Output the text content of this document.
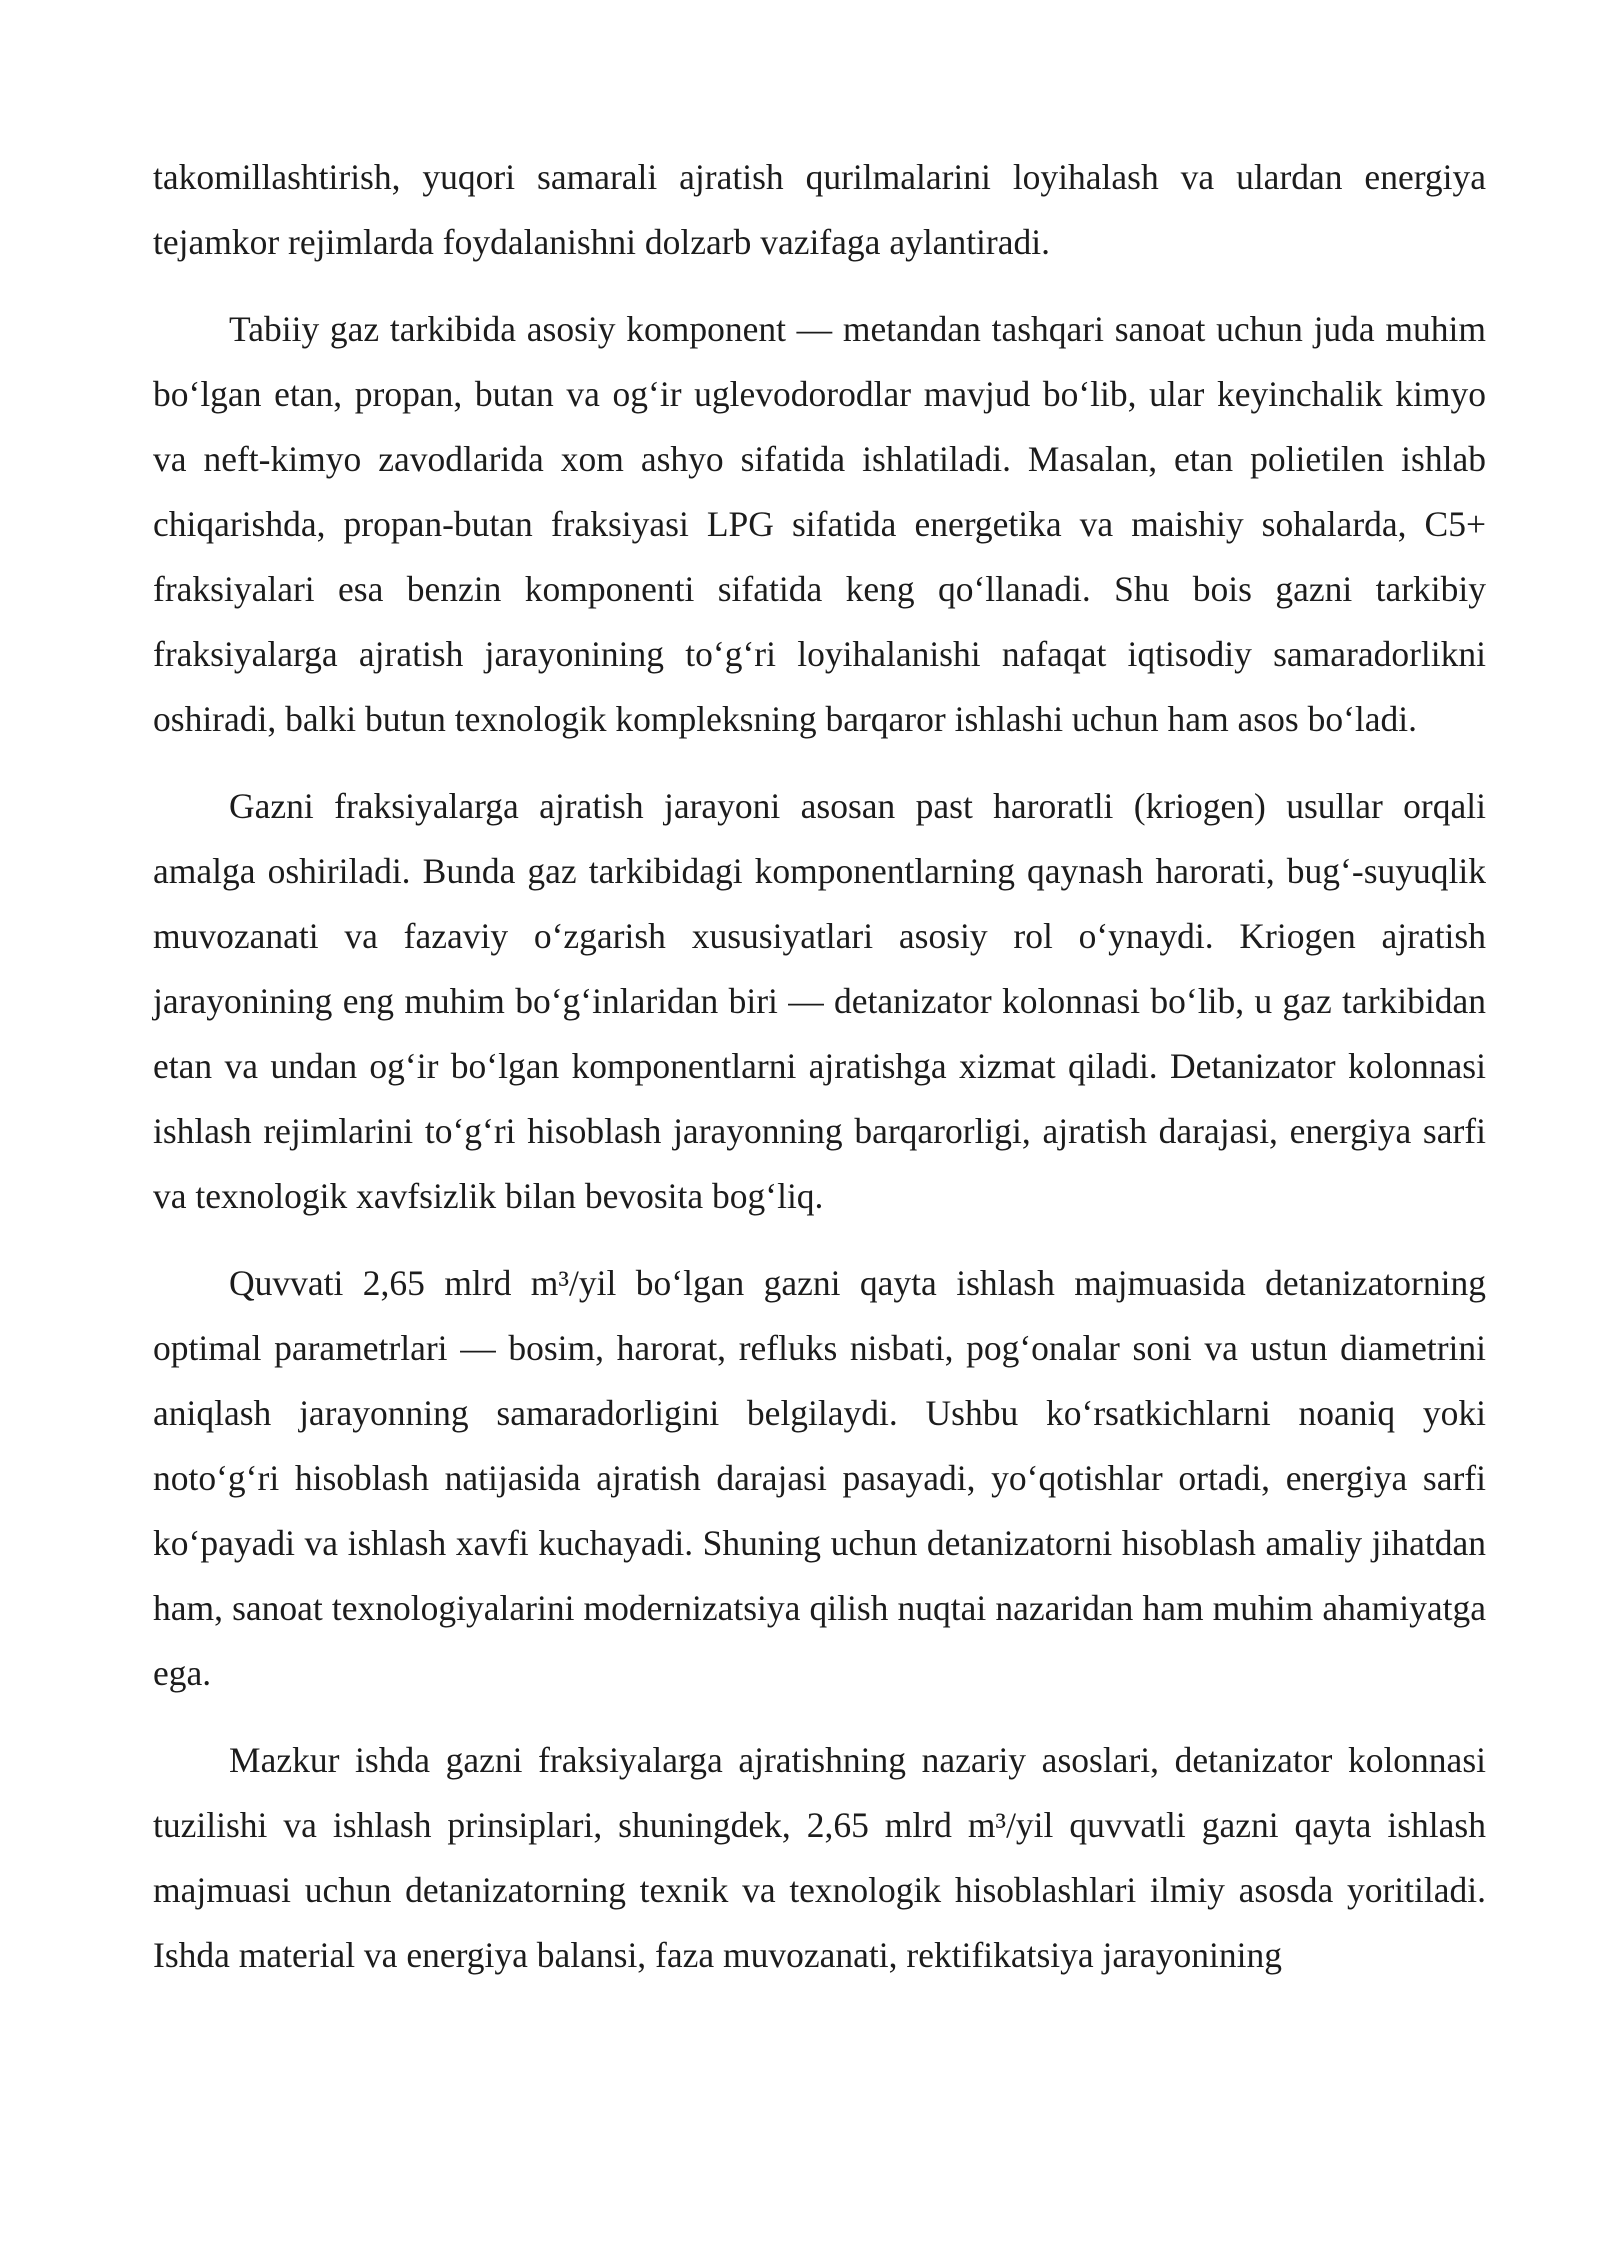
takomillashtirish, yuqori samarali ajratish qurilmalarini loyihalash va ulardan energiya tejamkor rejimlarda foydalanishni dolzarb vazifaga aylantiradi.

Tabiiy gaz tarkibida asosiy komponent — metandan tashqari sanoat uchun juda muhim bo‘lgan etan, propan, butan va og‘ir uglevodorodlar mavjud bo‘lib, ular keyinchalik kimyo va neft-kimyo zavodlarida xom ashyo sifatida ishlatiladi. Masalan, etan polietilen ishlab chiqarishda, propan-butan fraksiyasi LPG sifatida energetika va maishiy sohalarda, C5+ fraksiyalari esa benzin komponenti sifatida keng qo‘llanadi. Shu bois gazni tarkibiy fraksiyalarga ajratish jarayonining to‘g‘ri loyihalanishi nafaqat iqtisodiy samaradorlikni oshiradi, balki butun texnologik kompleksning barqaror ishlashi uchun ham asos bo‘ladi.

Gazni fraksiyalarga ajratish jarayoni asosan past haroratli (kriogen) usullar orqali amalga oshiriladi. Bunda gaz tarkibidagi komponentlarning qaynash harorati, bug‘-suyuqlik muvozanati va fazaviy o‘zgarish xususiyatlari asosiy rol o‘ynaydi. Kriogen ajratish jarayonining eng muhim bo‘g‘inlaridan biri — detanizator kolonnasi bo‘lib, u gaz tarkibidan etan va undan og‘ir bo‘lgan komponentlarni ajratishga xizmat qiladi. Detanizator kolonnasi ishlash rejimlarini to‘g‘ri hisoblash jarayonning barqarorligi, ajratish darajasi, energiya sarfi va texnologik xavfsizlik bilan bevosita bog‘liq.

Quvvati 2,65 mlrd m³/yil bo‘lgan gazni qayta ishlash majmuasida detanizatorning optimal parametrlari — bosim, harorat, refluks nisbati, pog‘onalar soni va ustun diametrini aniqlash jarayonning samaradorligini belgilaydi. Ushbu ko‘rsatkichlarni noaniq yoki noto‘g‘ri hisoblash natijasida ajratish darajasi pasayadi, yo‘qotishlar ortadi, energiya sarfi ko‘payadi va ishlash xavfi kuchayadi. Shuning uchun detanizatorni hisoblash amaliy jihatdan ham, sanoat texnologiyalarini modernizatsiya qilish nuqtai nazaridan ham muhim ahamiyatga ega.

Mazkur ishda gazni fraksiyalarga ajratishning nazariy asoslari, detanizator kolonnasi tuzilishi va ishlash prinsiplari, shuningdek, 2,65 mlrd m³/yil quvvatli gazni qayta ishlash majmuasi uchun detanizatorning texnik va texnologik hisoblashlari ilmiy asosda yoritiladi. Ishda material va energiya balansi, faza muvozanati, rektifikatsiya jarayonining
